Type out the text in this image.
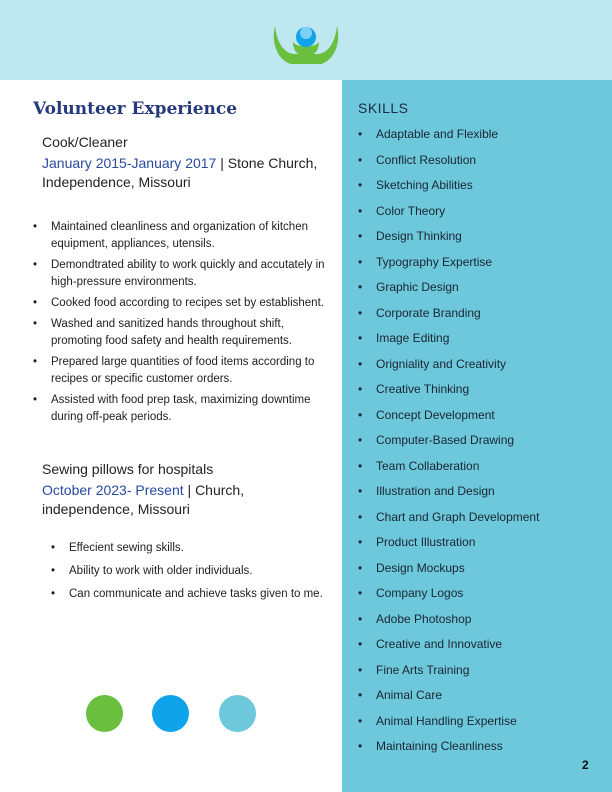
SKILLS
• Adaptable and Flexible
• Conflict Resolution
• Sketching Abilities
• Color Theory
• Design Thinking
• Typography Expertise
• Graphic Design
• Corporate Branding
• Image Editing
• Origniality and Creativity
• Creative Thinking
• Concept Development
• Computer-Based Drawing
• Team Collaberation
• Illustration and Design
• Chart and Graph Development
• Product Illustration
• Design Mockups
• Company Logos
• Adobe Photoshop
• Creative and Innovative
• Fine Arts Training
• Animal Care
• Animal Handling Expertise
• Maintaining Cleanliness
Volunteer Experience
Cook/Cleaner
January 2015-January 2017 | Stone Church,
Independence, Missouri
• Maintained cleanliness and organization of kitchen equipment, appliances, utensils.
• Demondtrated ability to work quickly and accutately in high-pressure environments.
• Cooked food according to recipes set by establishent.
• Washed and sanitized hands throughout shift, promoting food safety and health requirements.
• Prepared large quantities of food items according to recipes or specific customer orders.
• Assisted with food prep task, maximizing downtime during off-peak periods.
Sewing pillows for hospitals
October 2023- Present | Church,
independence, Missouri
• Effecient sewing skills.
• Ability to work with older individuals.
• Can communicate and achieve tasks given to me.
2
